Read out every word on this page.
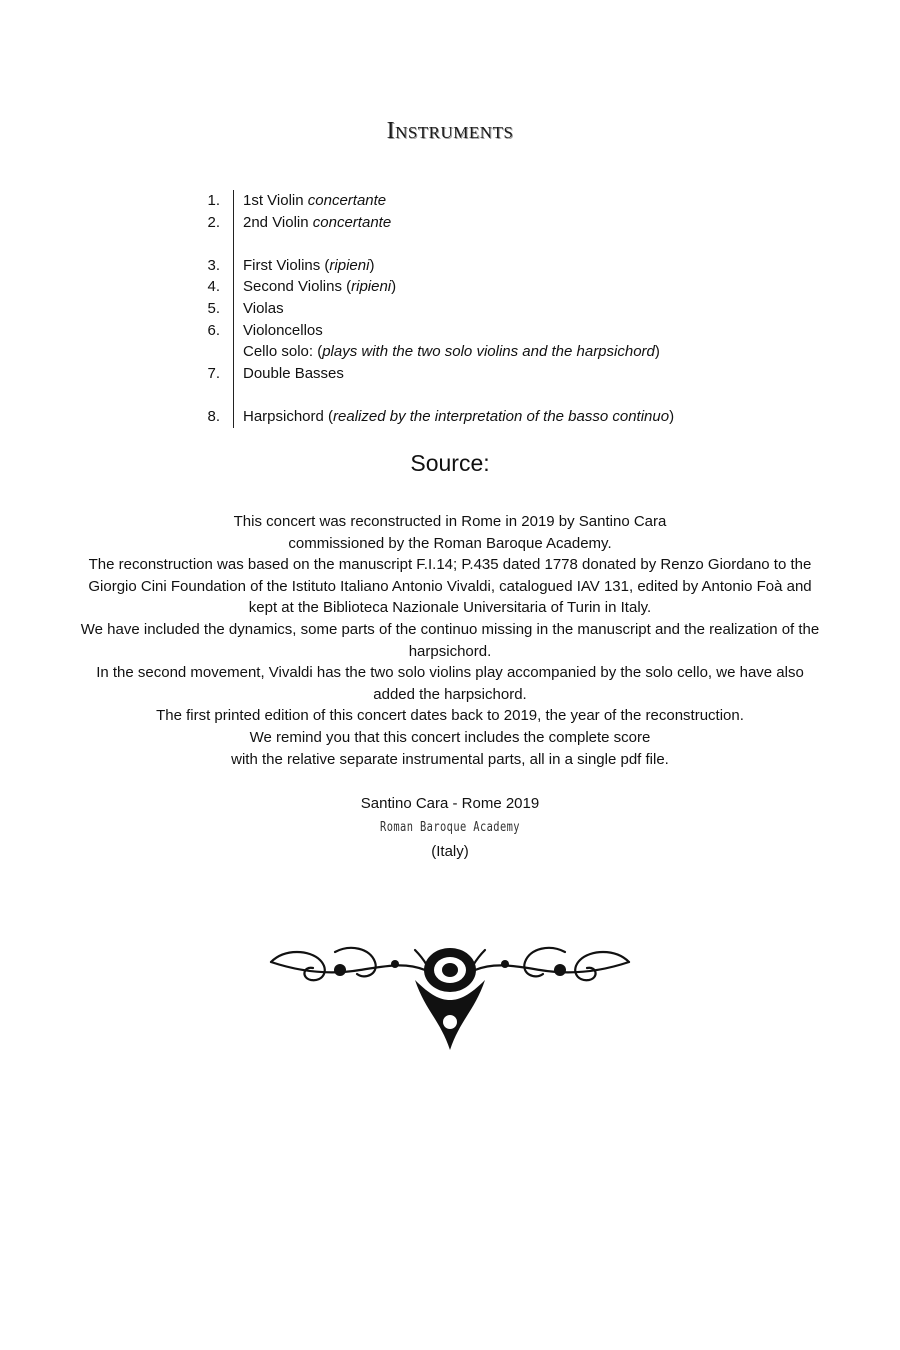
Instruments
1. 1st Violin concertante
2. 2nd Violin concertante
3. First Violins (ripieni)
4. Second Violins (ripieni)
5. Violas
6. Violoncellos
Cello solo: (plays with the two solo violins and the harpsichord)
7. Double Basses
8. Harpsichord (realized by the interpretation of the basso continuo)
Source:

This concert was reconstructed in Rome in 2019 by Santino Cara

commissioned by the Roman Baroque Academy.

The reconstruction was based on the manuscript F.I.14; P.435 dated 1778 donated by Renzo Giordano to the Giorgio Cini Foundation of the Istituto Italiano Antonio Vivaldi, catalogued IAV 131, edited by Antonio Foà and kept at the Biblioteca Nazionale Universitaria of Turin in Italy.

We have included the dynamics, some parts of the continuo missing in the manuscript and the realization of the harpsichord.

In the second movement, Vivaldi has the two solo violins play accompanied by the solo cello, we have also added the harpsichord.

The first printed edition of this concert dates back to 2019, the year of the reconstruction.

We remind you that this concert includes the complete score

with the relative separate instrumental parts, all in a single pdf file.

Santino Cara - Rome 2019
Roman Baroque Academy
(Italy)
